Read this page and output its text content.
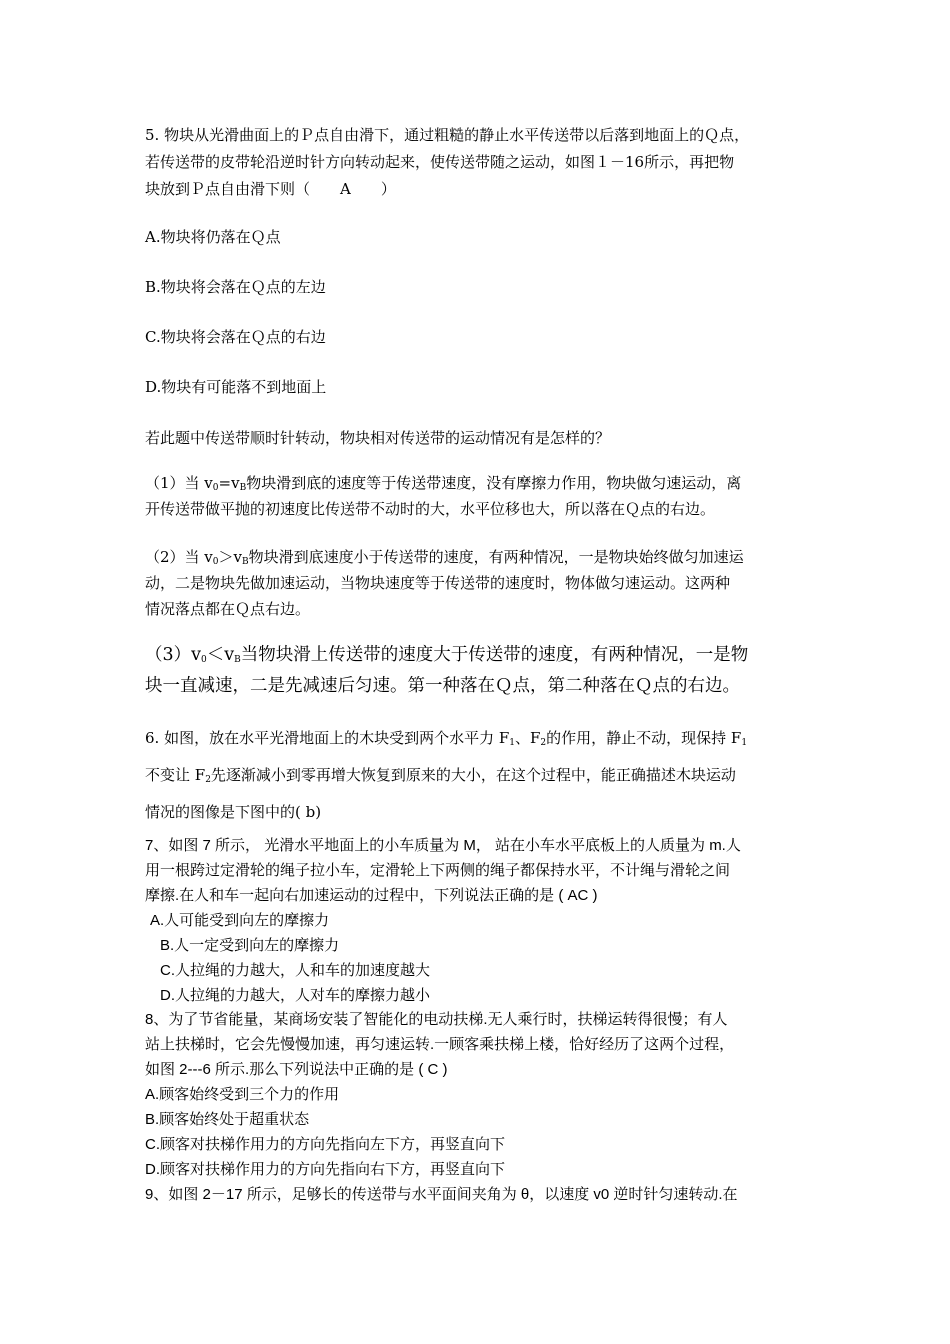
5. 物块从光滑曲面上的Ｐ点自由滑下，通过粗糙的静止水平传送带以后落到地面上的Ｑ点，
若传送带的皮带轮沿逆时针方向转动起来，使传送带随之运动，如图１－16所示，再把物
块放到Ｐ点自由滑下则（　　A　　）
A.物块将仍落在Ｑ点
B.物块将会落在Ｑ点的左边
C.物块将会落在Ｑ点的右边
D.物块有可能落不到地面上
若此题中传送带顺时针转动，物块相对传送带的运动情况有是怎样的？
（1）当 $v_0=v_B$物块滑到底的速度等于传送带速度，没有摩擦力作用，物块做匀速运动，离
开传送带做平抛的初速度比传送带不动时的大，水平位移也大，所以落在Ｑ点的右边。
（2）当 $v_0>v_B$物块滑到底速度小于传送带的速度，有两种情况，一是物块始终做匀加速运
动，二是物块先做加速运动，当物块速度等于传送带的速度时，物体做匀速运动。这两种
情况落点都在Ｑ点右边。
$(3)v_0<v_B$当物块滑上传送带的速度大于传送带的速度，有两种情况，一是物
块一直减速，二是先减速后匀速。第一种落在Ｑ点，第二种落在Ｑ点的右边。
6. 如图，放在水平光滑地面上的木块受到两个水平力 $F_1$、$F_2$的作用，静止不动，现保持 $F_1$
不变让 $F_2$先逐渐减小到零再增大恢复到原来的大小，在这个过程中，能正确描述木块运动
情况的图像是下图中的( b)
7、如图 7 所示， 光滑水平地面上的小车质量为 M， 站在小车水平底板上的人质量为 m.人
用一根跨过定滑轮的绳子拉小车，定滑轮上下两侧的绳子都保持水平，不计绳与滑轮之间
摩擦.在人和车一起向右加速运动的过程中，下列说法正确的是 ( AC )
A.人可能受到向左的摩擦力
B.人一定受到向左的摩擦力
C.人拉绳的力越大，人和车的加速度越大
D.人拉绳的力越大，人对车的摩擦力越小
8、为了节省能量，某商场安装了智能化的电动扶梯.无人乘行时，扶梯运转得很慢；有人
站上扶梯时，它会先慢慢加速，再匀速运转.一顾客乘扶梯上楼，恰好经历了这两个过程，
如图 2---6 所示.那么下列说法中正确的是 ( C )
A.顾客始终受到三个力的作用
B.顾客始终处于超重状态
C.顾客对扶梯作用力的方向先指向左下方，再竖直向下
D.顾客对扶梯作用力的方向先指向右下方，再竖直向下
9、如图 2－17 所示，足够长的传送带与水平面间夹角为 θ，以速度 v0 逆时针匀速转动.在
